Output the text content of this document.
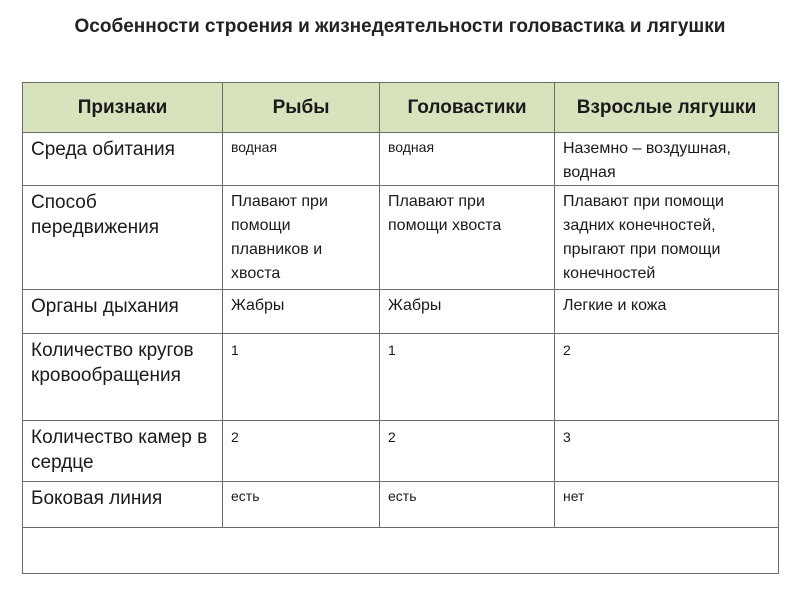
Особенности строения и жизнедеятельности головастика и лягушки
Признаки	Рыбы	Головастики	Взрослые лягушки
Среда обитания	водная	водная	Наземно – воздушная, водная
Способ передвижения	Плавают при помощи плавников и хвоста	Плавают при помощи хвоста	Плавают при помощи задних конечностей, прыгают при помощи конечностей
Органы дыхания	Жабры	Жабры	Легкие и кожа
Количество кругов кровообращения	1	1	2
Количество камер в сердце	2	2	3
Боковая линия	есть	есть	нет
